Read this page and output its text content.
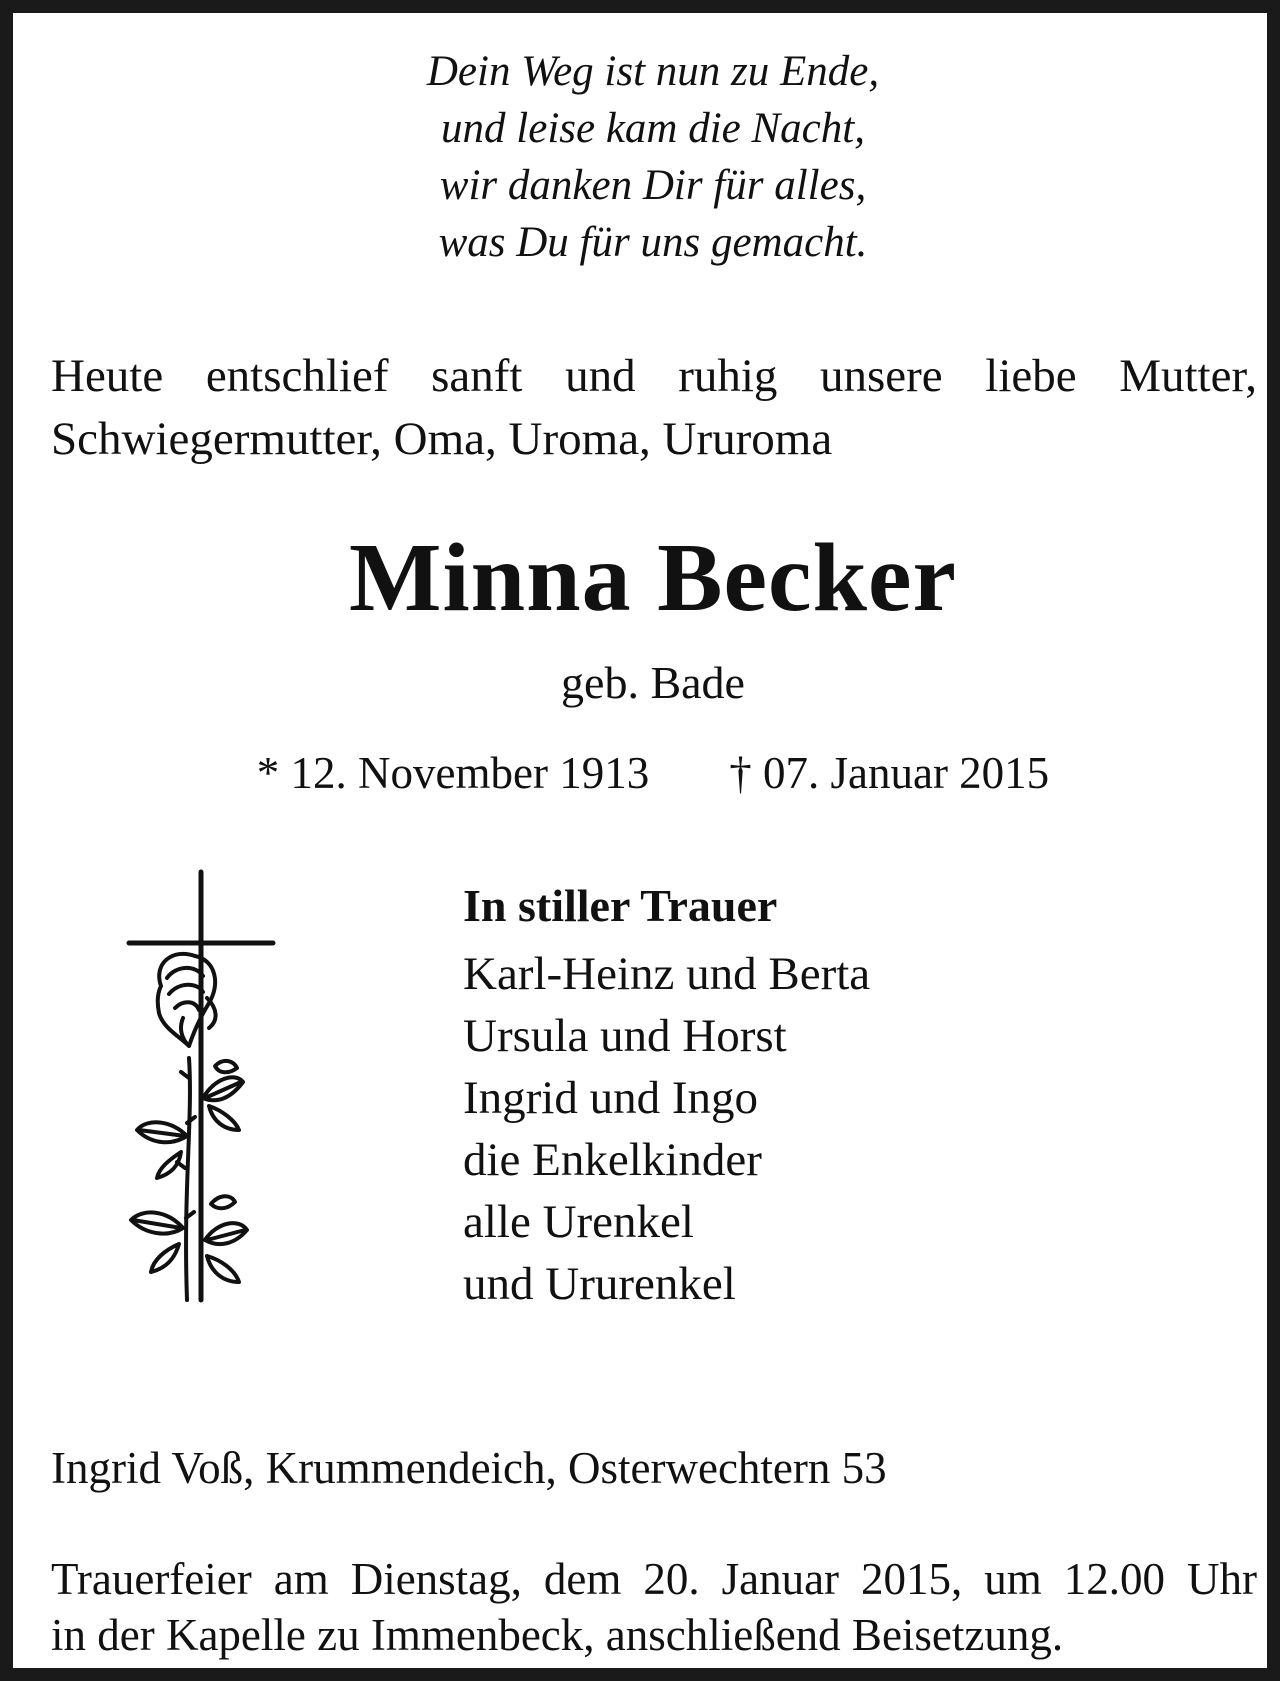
Dein Weg ist nun zu Ende,
und leise kam die Nacht,
wir danken Dir für alles,
was Du für uns gemacht.
Heute entschlief sanft und ruhig unsere liebe Mutter,
Schwiegermutter, Oma, Uroma, Ururoma
Minna Becker
geb. Bade
* 12. November 1913 † 07. Januar 2015
In stiller Trauer
Karl-Heinz und Berta
Ursula und Horst
Ingrid und Ingo
die Enkelkinder
alle Urenkel
und Ururenkel
Ingrid Voß, Krummendeich, Osterwechtern 53
Trauerfeier am Dienstag, dem 20. Januar 2015, um 12.00 Uhr
in der Kapelle zu Immenbeck, anschließend Beisetzung.
